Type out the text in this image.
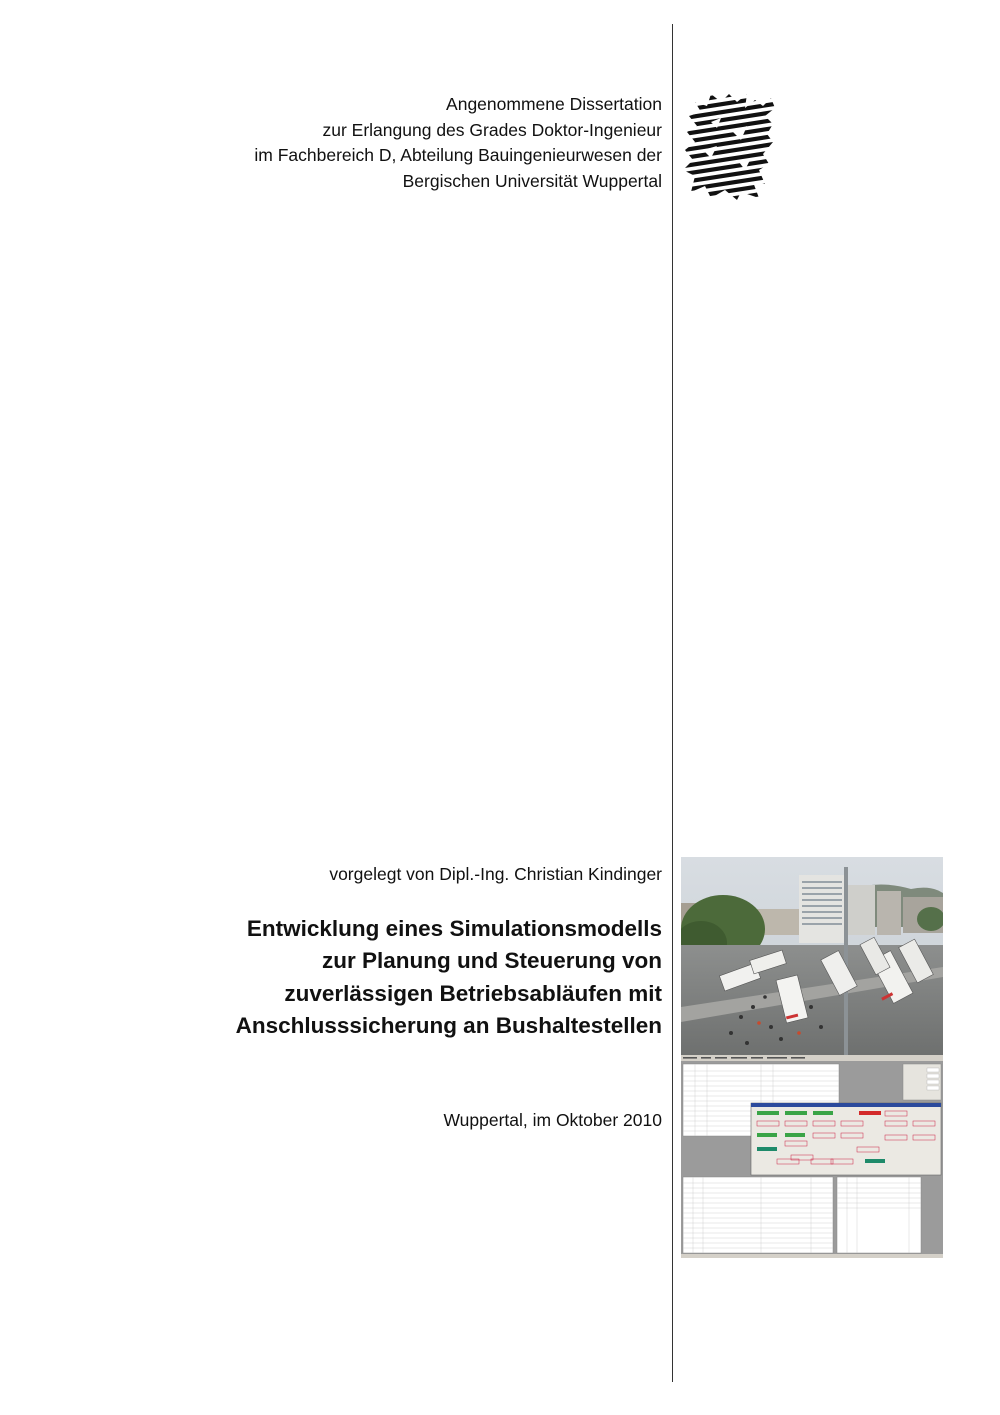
Angenommene Dissertation
zur Erlangung des Grades Doktor-Ingenieur
im Fachbereich D, Abteilung Bauingenieurwesen der
Bergischen Universität Wuppertal
vorgelegt von Dipl.-Ing. Christian Kindinger
Entwicklung eines Simulationsmodells
zur Planung und Steuerung von
zuverlässigen Betriebsabläufen mit
Anschlusssicherung an Bushaltestellen
Wuppertal, im Oktober 2010
